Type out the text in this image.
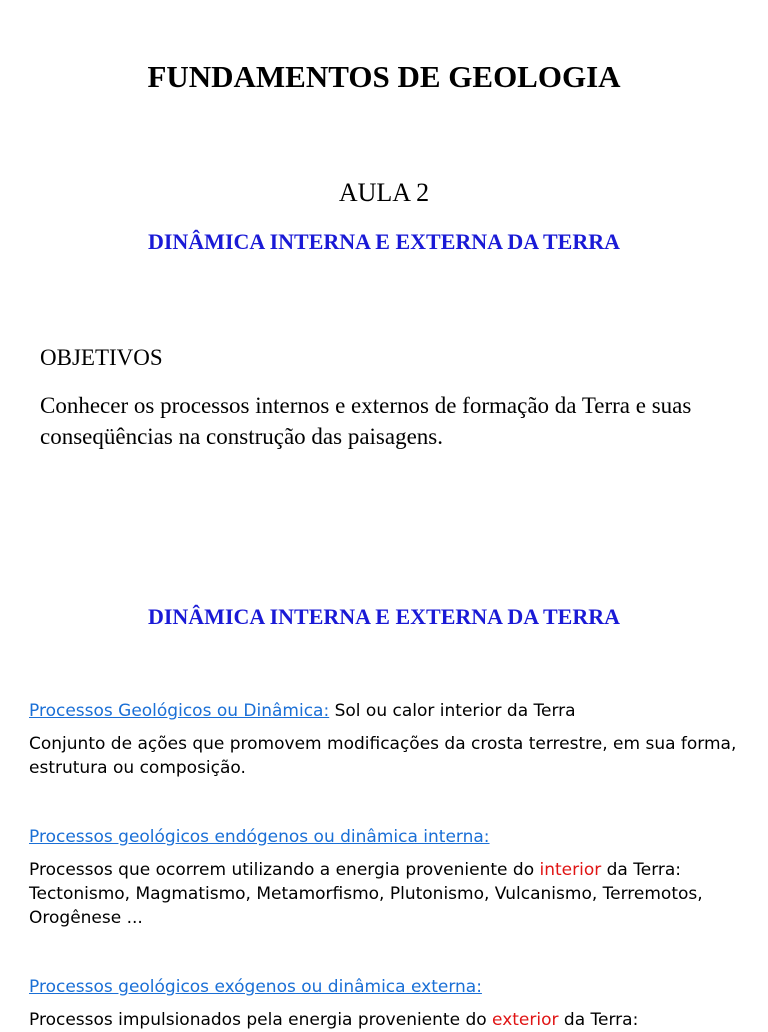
FUNDAMENTOS DE GEOLOGIA
AULA 2
DINÂMICA INTERNA E EXTERNA DA TERRA
OBJETIVOS

Conhecer os processos internos e externos de formação da Terra e suas conseqüências na construção das paisagens.

DINÂMICA INTERNA E EXTERNA DA TERRA

Processos Geológicos ou Dinâmica: Sol ou calor interior da Terra

Conjunto de ações que promovem modificações da crosta terrestre, em sua forma, estrutura ou composição.

Processos geológicos endógenos ou dinâmica interna:

Processos que ocorrem utilizando a energia proveniente do interior da Terra: Tectonismo, Magmatismo, Metamorfismo, Plutonismo, Vulcanismo, Terremotos, Orogênese ...

Processos geológicos exógenos ou dinâmica externa:

Processos impulsionados pela energia proveniente do exterior da Terra:
